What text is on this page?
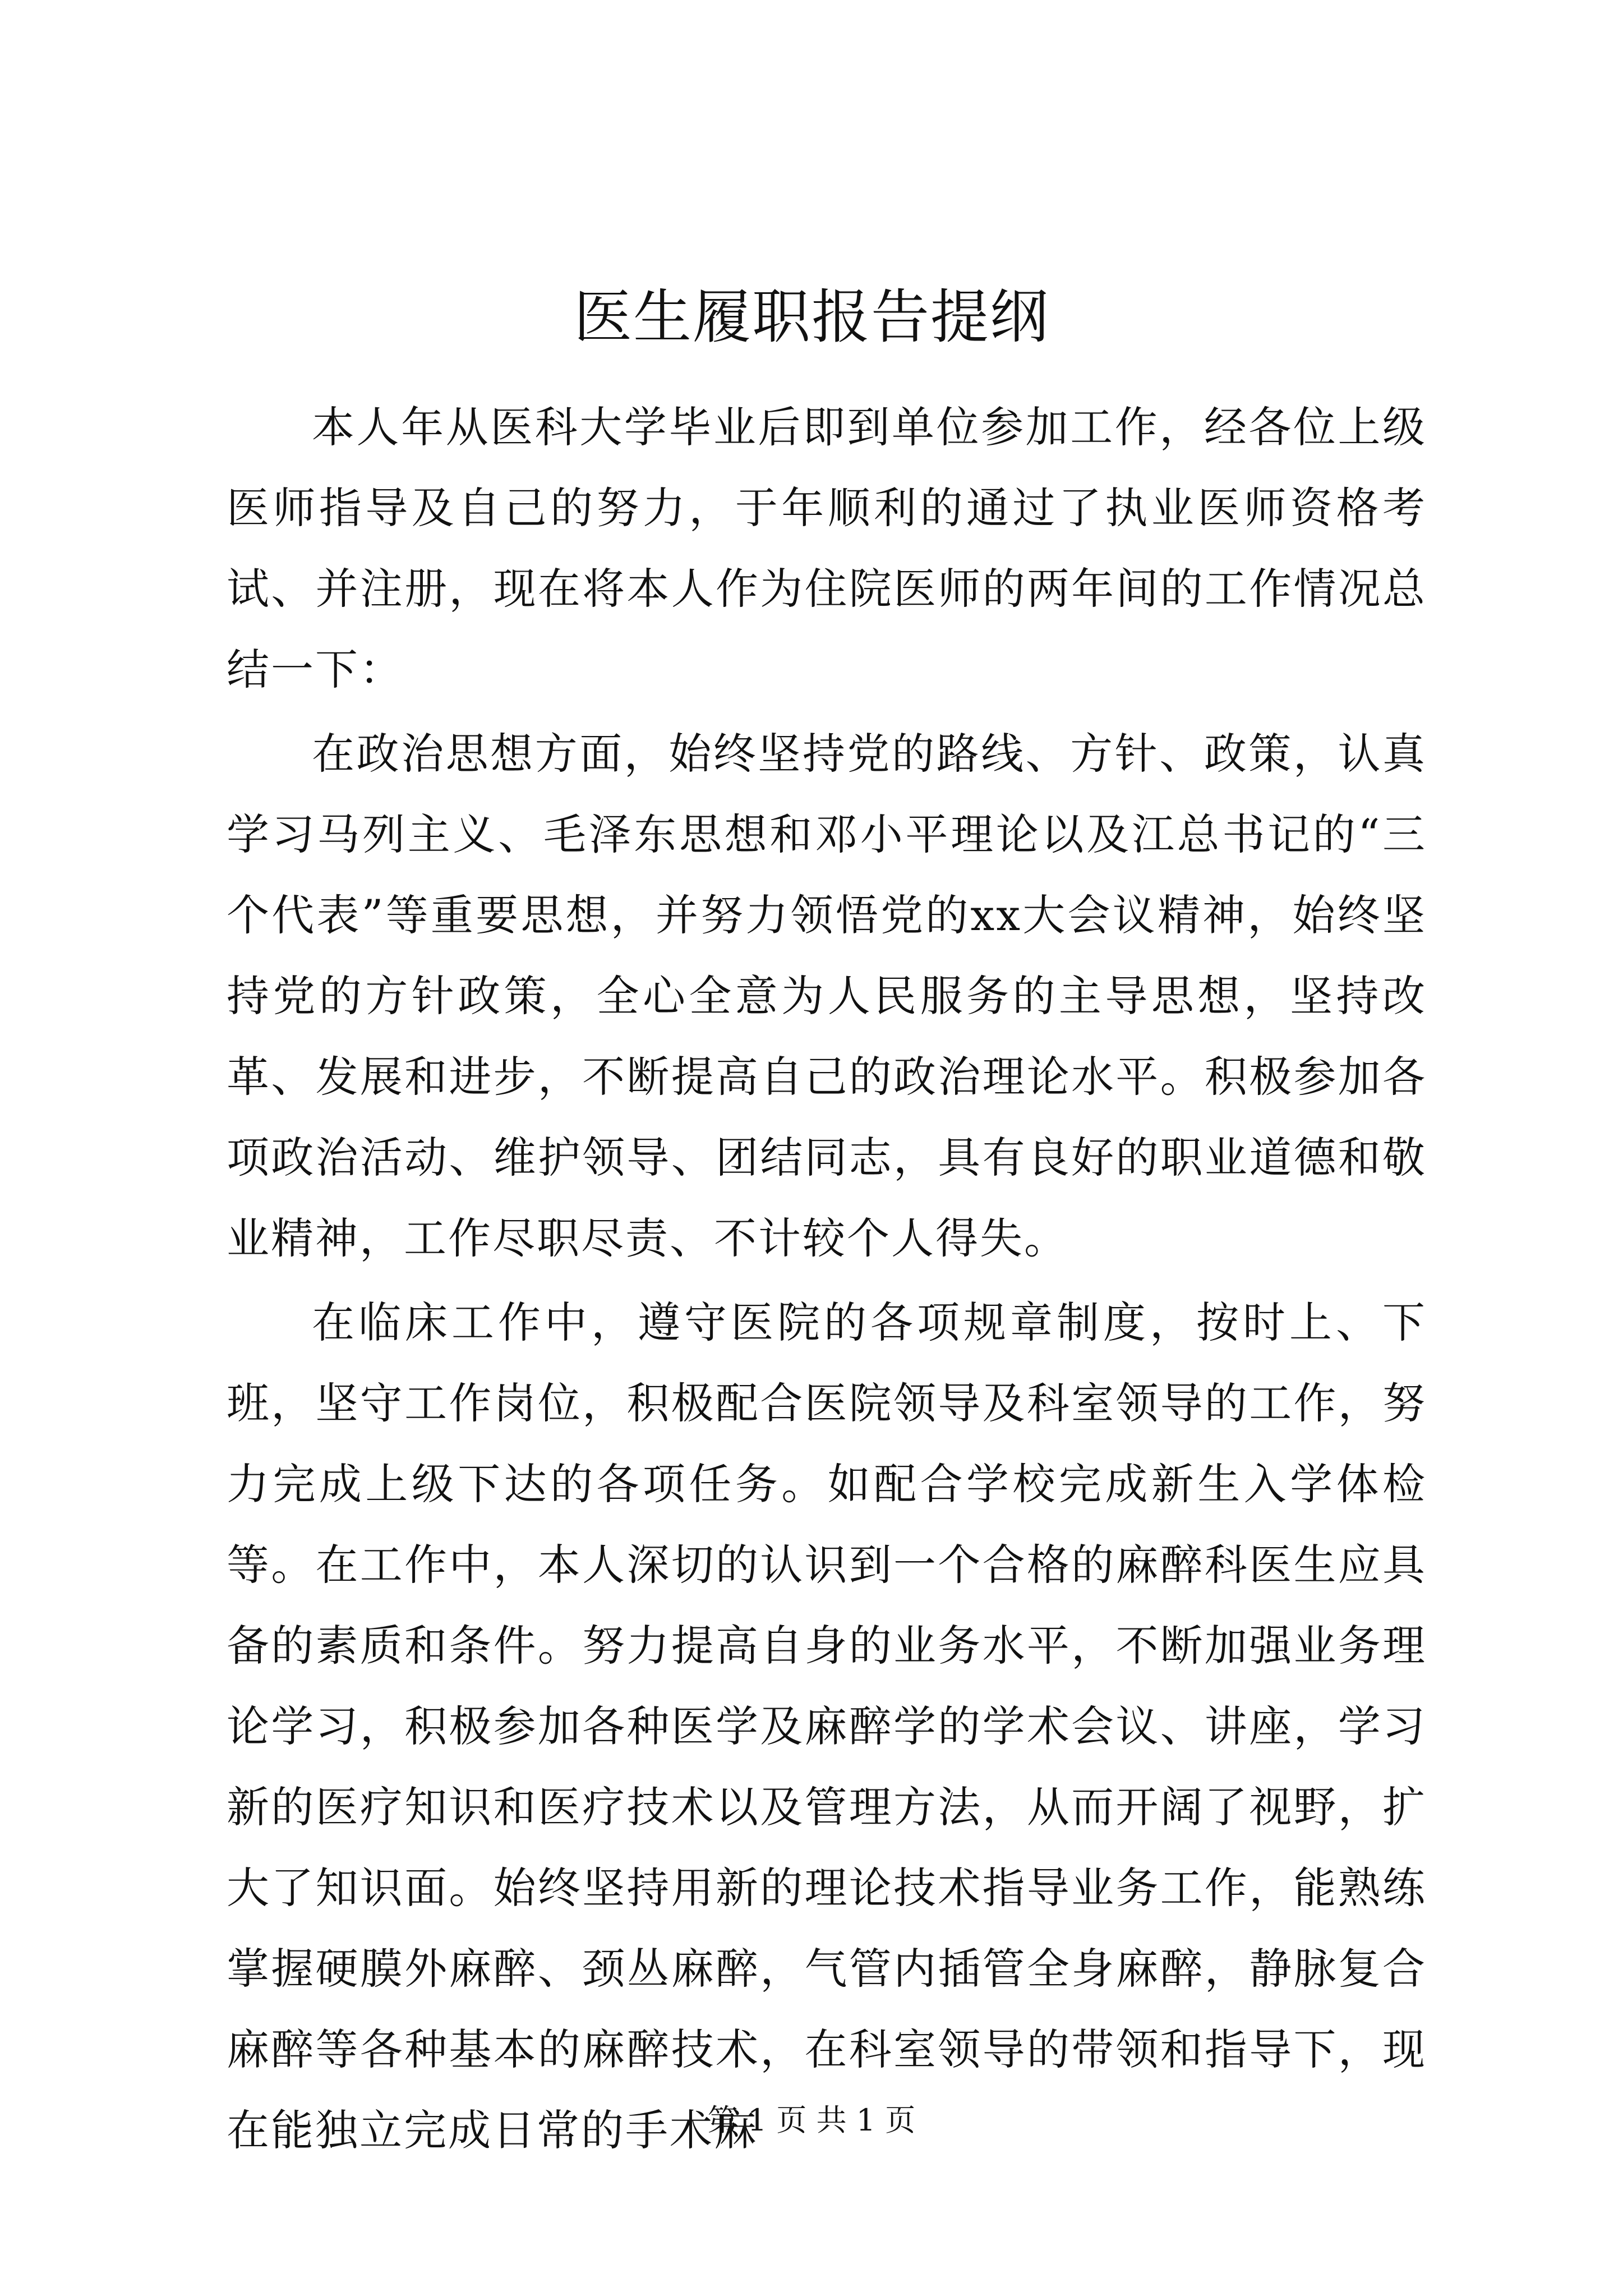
医生履职报告提纲

本人年从医科大学毕业后即到单位参加工作，经各位上级医师指导及自己的努力，于年顺利的通过了执业医师资格考试、并注册，现在将本人作为住院医师的两年间的工作情况总结一下：

在政治思想方面，始终坚持党的路线、方针、政策，认真学习马列主义、毛泽东思想和邓小平理论以及江总书记的“三个代表”等重要思想，并努力领悟党的xx大会议精神，始终坚持党的方针政策，全心全意为人民服务的主导思想，坚持改革、发展和进步，不断提高自己的政治理论水平。积极参加各项政治活动、维护领导、团结同志，具有良好的职业道德和敬业精神，工作尽职尽责、不计较个人得失。

在临床工作中，遵守医院的各项规章制度，按时上、下班，坚守工作岗位，积极配合医院领导及科室领导的工作，努力完成上级下达的各项任务。如配合学校完成新生入学体检等。在工作中，本人深切的认识到一个合格的麻醉科医生应具备的素质和条件。努力提高自身的业务水平，不断加强业务理论学习，积极参加各种医学及麻醉学的学术会议、讲座，学习新的医疗知识和医疗技术以及管理方法，从而开阔了视野，扩大了知识面。始终坚持用新的理论技术指导业务工作，能熟练掌握硬膜外麻醉、颈丛麻醉，气管内插管全身麻醉，静脉复合麻醉等各种基本的麻醉技术，在科室领导的带领和指导下，现在能独立完成日常的手术麻

第 1 页 共 1 页
